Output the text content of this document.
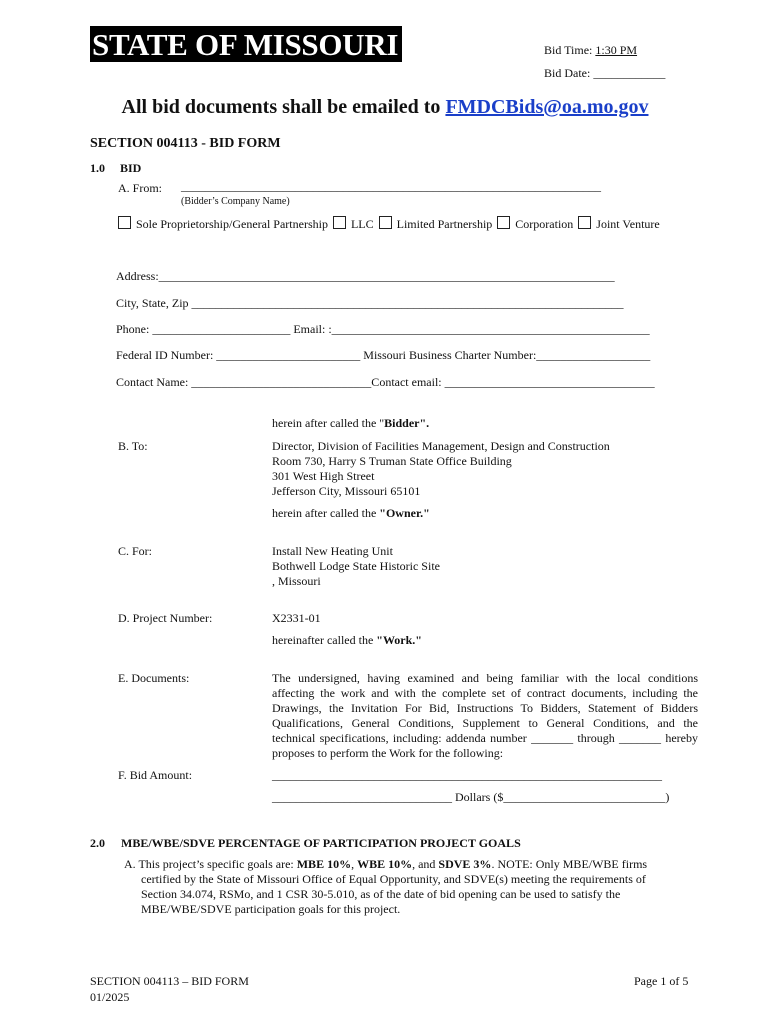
STATE OF MISSOURI	Bid Time: 1:30 PM
Bid Date: ____________
All bid documents shall be emailed to FMDCBids@oa.mo.gov
SECTION 004113 - BID FORM
1.0 BID
A. From: ______________________________________________________________________
(Bidder’s Company Name)
Sole Proprietorship/General Partnership LLC Limited Partnership Corporation Joint Venture
Address:____________________________________________________________________________
City, State, Zip ________________________________________________________________________
Phone: _______________________ Email: :_____________________________________________________
Federal ID Number: ________________________ Missouri Business Charter Number:___________________
Contact Name: ______________________________Contact email: ___________________________________
herein after called the "Bidder".
B. To:	Director, Division of Facilities Management, Design and Construction
Room 730, Harry S Truman State Office Building
301 West High Street
Jefferson City, Missouri 65101
herein after called the "Owner."
C. For:	Install New Heating Unit
Bothwell Lodge State Historic Site
, Missouri
D. Project Number:	X2331-01
hereinafter called the "Work."
E. Documents:	The undersigned, having examined and being familiar with the local conditions affecting the work and with the complete set of contract documents, including the Drawings, the Invitation For Bid, Instructions To Bidders, Statement of Bidders Qualifications, General Conditions, Supplement to General Conditions, and the technical specifications, including: addenda number _______ through _______ hereby proposes to perform the Work for the following:
F. Bid Amount:	_________________________________________________________________
______________________________ Dollars ($___________________________)
2.0 MBE/WBE/SDVE PERCENTAGE OF PARTICIPATION PROJECT GOALS
A. This project’s specific goals are: MBE 10%, WBE 10%, and SDVE 3%. NOTE: Only MBE/WBE firms
certified by the State of Missouri Office of Equal Opportunity, and SDVE(s) meeting the requirements of
Section 34.074, RSMo, and 1 CSR 30-5.010, as of the date of bid opening can be used to satisfy the
MBE/WBE/SDVE participation goals for this project.
SECTION 004113 – BID FORM
01/2025
Page 1 of 5
